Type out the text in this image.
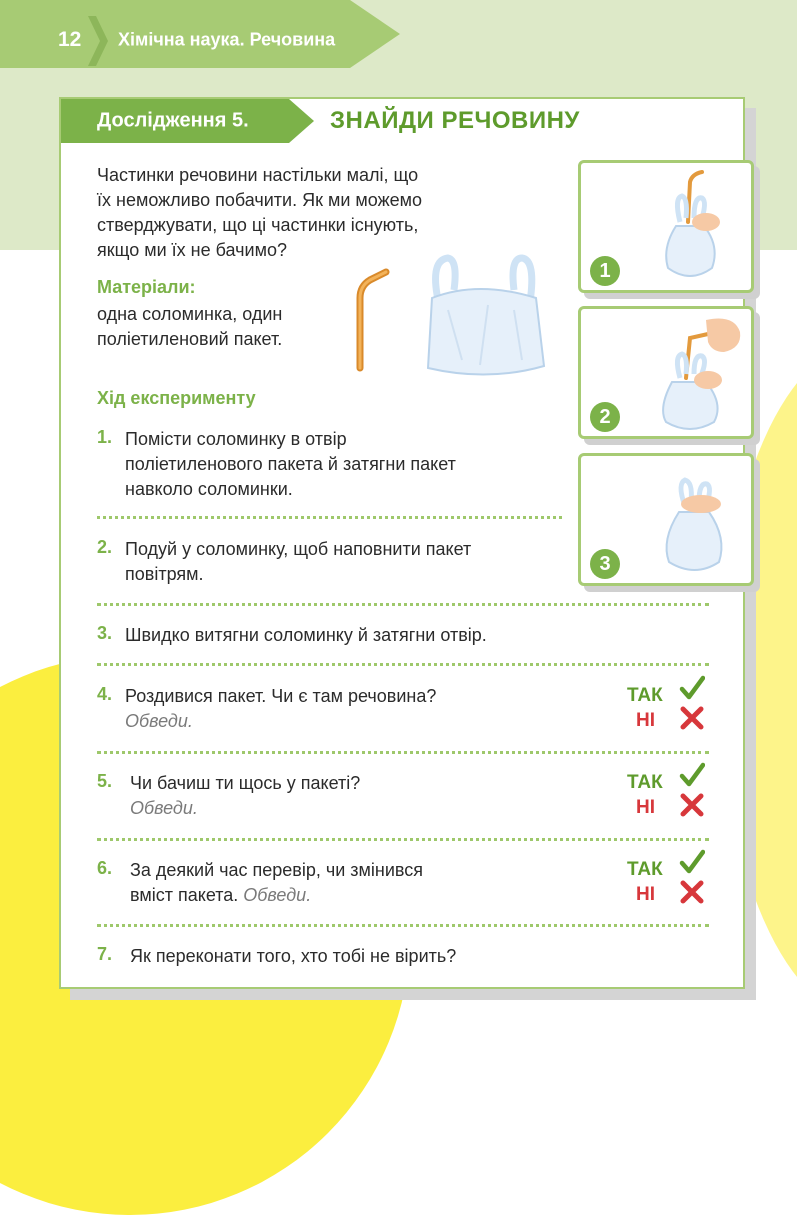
12 Хімічна наука. Речовина
Дослідження 5.	ЗНАЙДИ РЕЧОВИНУ
Частинки речовини настільки малі, що
їх неможливо побачити. Як ми можемо
стверджувати, що ці частинки існують,
якщо ми їх не бачимо?
Матеріали:
одна соломинка, один
поліетиленовий пакет.
Хід експерименту
1. Помісти соломинку в отвір
поліетиленового пакета й затягни пакет
навколо соломинки.
2. Подуй у соломинку, щоб наповнити пакет
повітрям.
3. Швидко витягни соломинку й затягни отвір.
4. Роздивися пакет. Чи є там речовина?
Обведи.
ТАК
НІ
5. Чи бачиш ти щось у пакеті?
Обведи.
ТАК
НІ
6. За деякий час перевір, чи змінився
вміст пакета. Обведи.
ТАК
НІ
7. Як переконати того, хто тобі не вірить?
1
2
3
